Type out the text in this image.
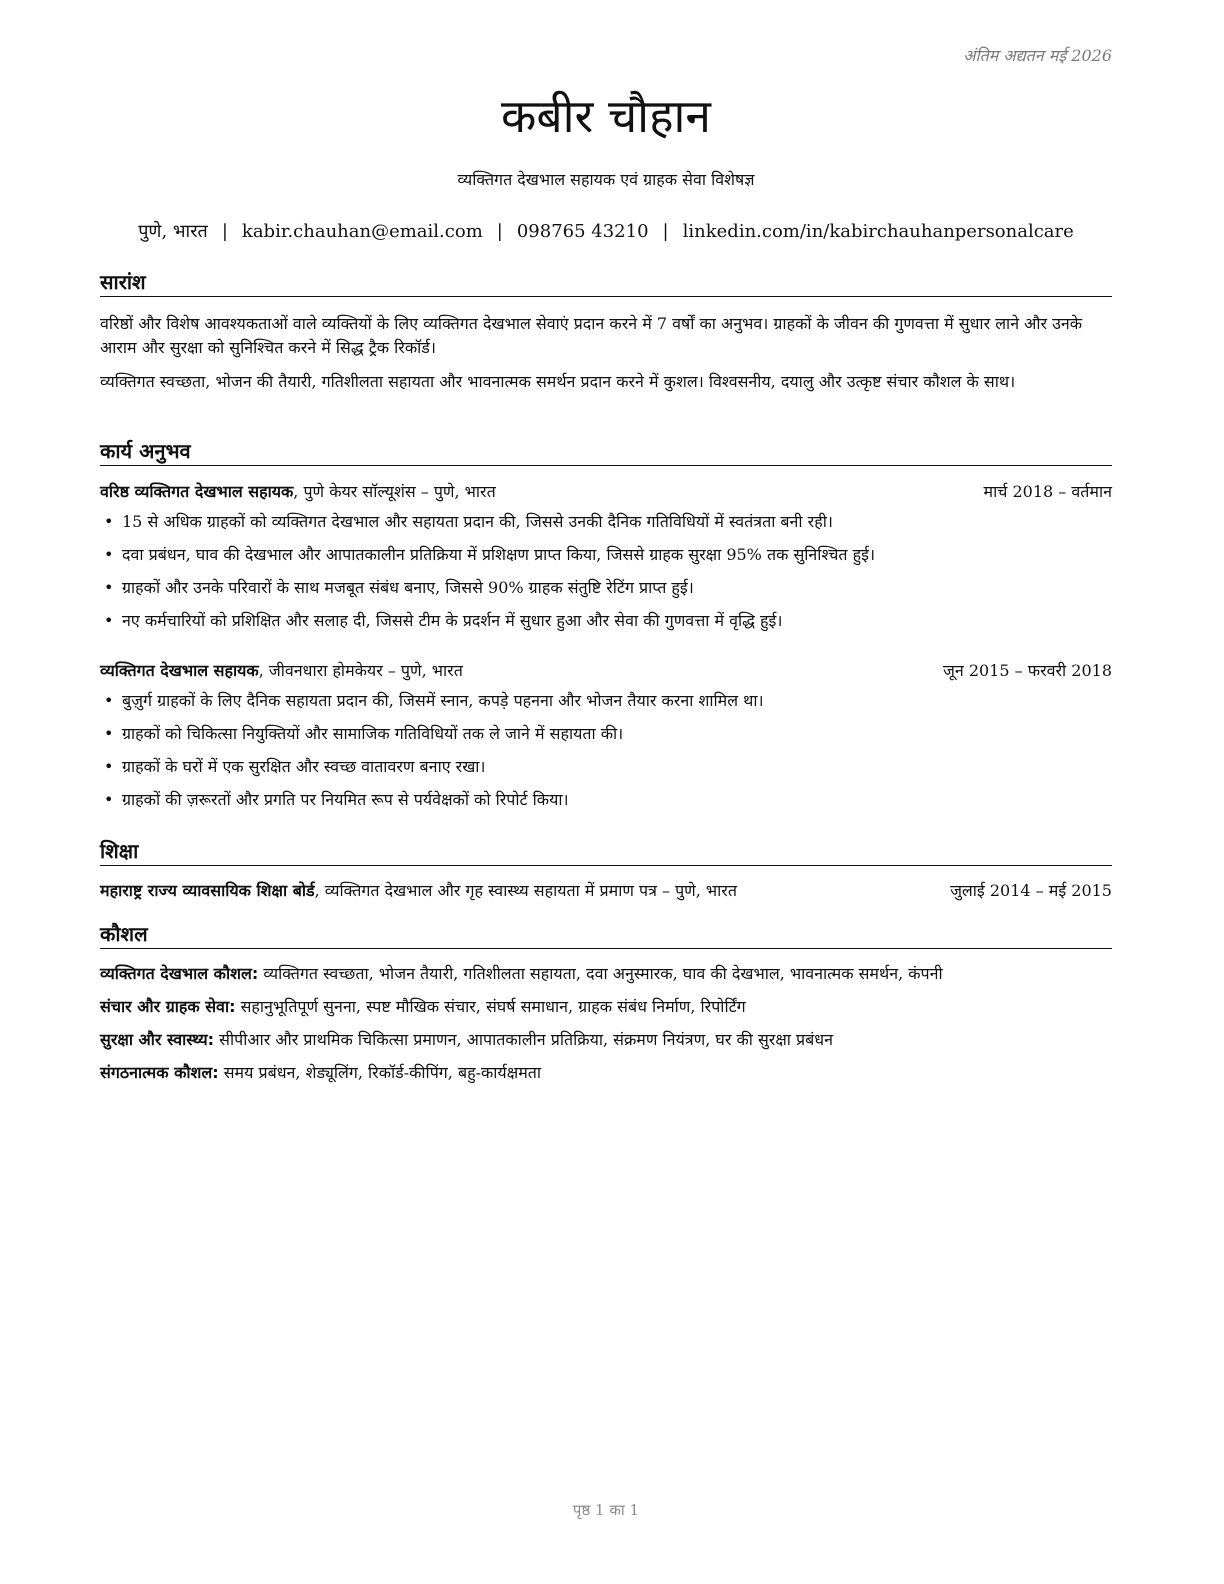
अंतिम अद्यतन मई 2026
कबीर चौहान
व्यक्तिगत देखभाल सहायक एवं ग्राहक सेवा विशेषज्ञ
पुणे, भारत | kabir.chauhan@email.com | 098765 43210 | linkedin.com/in/kabirchauhanpersonalcare
सारांश

वरिष्ठों और विशेष आवश्यकताओं वाले व्यक्तियों के लिए व्यक्तिगत देखभाल सेवाएं प्रदान करने में 7 वर्षों का अनुभव। ग्राहकों के जीवन की गुणवत्ता में सुधार लाने और उनके आराम और सुरक्षा को सुनिश्चित करने में सिद्ध ट्रैक रिकॉर्ड।

व्यक्तिगत स्वच्छता, भोजन की तैयारी, गतिशीलता सहायता और भावनात्मक समर्थन प्रदान करने में कुशल। विश्वसनीय, दयालु और उत्कृष्ट संचार कौशल के साथ।

कार्य अनुभव
वरिष्ठ व्यक्तिगत देखभाल सहायक, पुणे केयर सॉल्यूशंस – पुणे, भारत	मार्च 2018 – वर्तमान
• 15 से अधिक ग्राहकों को व्यक्तिगत देखभाल और सहायता प्रदान की, जिससे उनकी दैनिक गतिविधियों में स्वतंत्रता बनी रही।
• दवा प्रबंधन, घाव की देखभाल और आपातकालीन प्रतिक्रिया में प्रशिक्षण प्राप्त किया, जिससे ग्राहक सुरक्षा 95% तक सुनिश्चित हुई।
• ग्राहकों और उनके परिवारों के साथ मजबूत संबंध बनाए, जिससे 90% ग्राहक संतुष्टि रेटिंग प्राप्त हुई।
• नए कर्मचारियों को प्रशिक्षित और सलाह दी, जिससे टीम के प्रदर्शन में सुधार हुआ और सेवा की गुणवत्ता में वृद्धि हुई।
व्यक्तिगत देखभाल सहायक, जीवनधारा होमकेयर – पुणे, भारत	जून 2015 – फरवरी 2018
• बुज़ुर्ग ग्राहकों के लिए दैनिक सहायता प्रदान की, जिसमें स्नान, कपड़े पहनना और भोजन तैयार करना शामिल था।
• ग्राहकों को चिकित्सा नियुक्तियों और सामाजिक गतिविधियों तक ले जाने में सहायता की।
• ग्राहकों के घरों में एक सुरक्षित और स्वच्छ वातावरण बनाए रखा।
• ग्राहकों की ज़रूरतों और प्रगति पर नियमित रूप से पर्यवेक्षकों को रिपोर्ट किया।
शिक्षा
महाराष्ट्र राज्य व्यावसायिक शिक्षा बोर्ड, व्यक्तिगत देखभाल और गृह स्वास्थ्य सहायता में प्रमाण पत्र – पुणे, भारत	जुलाई 2014 – मई 2015
कौशल
व्यक्तिगत देखभाल कौशल: व्यक्तिगत स्वच्छता, भोजन तैयारी, गतिशीलता सहायता, दवा अनुस्मारक, घाव की देखभाल, भावनात्मक समर्थन, कंपनी
संचार और ग्राहक सेवा: सहानुभूतिपूर्ण सुनना, स्पष्ट मौखिक संचार, संघर्ष समाधान, ग्राहक संबंध निर्माण, रिपोर्टिंग
सुरक्षा और स्वास्थ्य: सीपीआर और प्राथमिक चिकित्सा प्रमाणन, आपातकालीन प्रतिक्रिया, संक्रमण नियंत्रण, घर की सुरक्षा प्रबंधन
संगठनात्मक कौशल: समय प्रबंधन, शेड्यूलिंग, रिकॉर्ड-कीपिंग, बहु-कार्यक्षमता
पृष्ठ 1 का 1
